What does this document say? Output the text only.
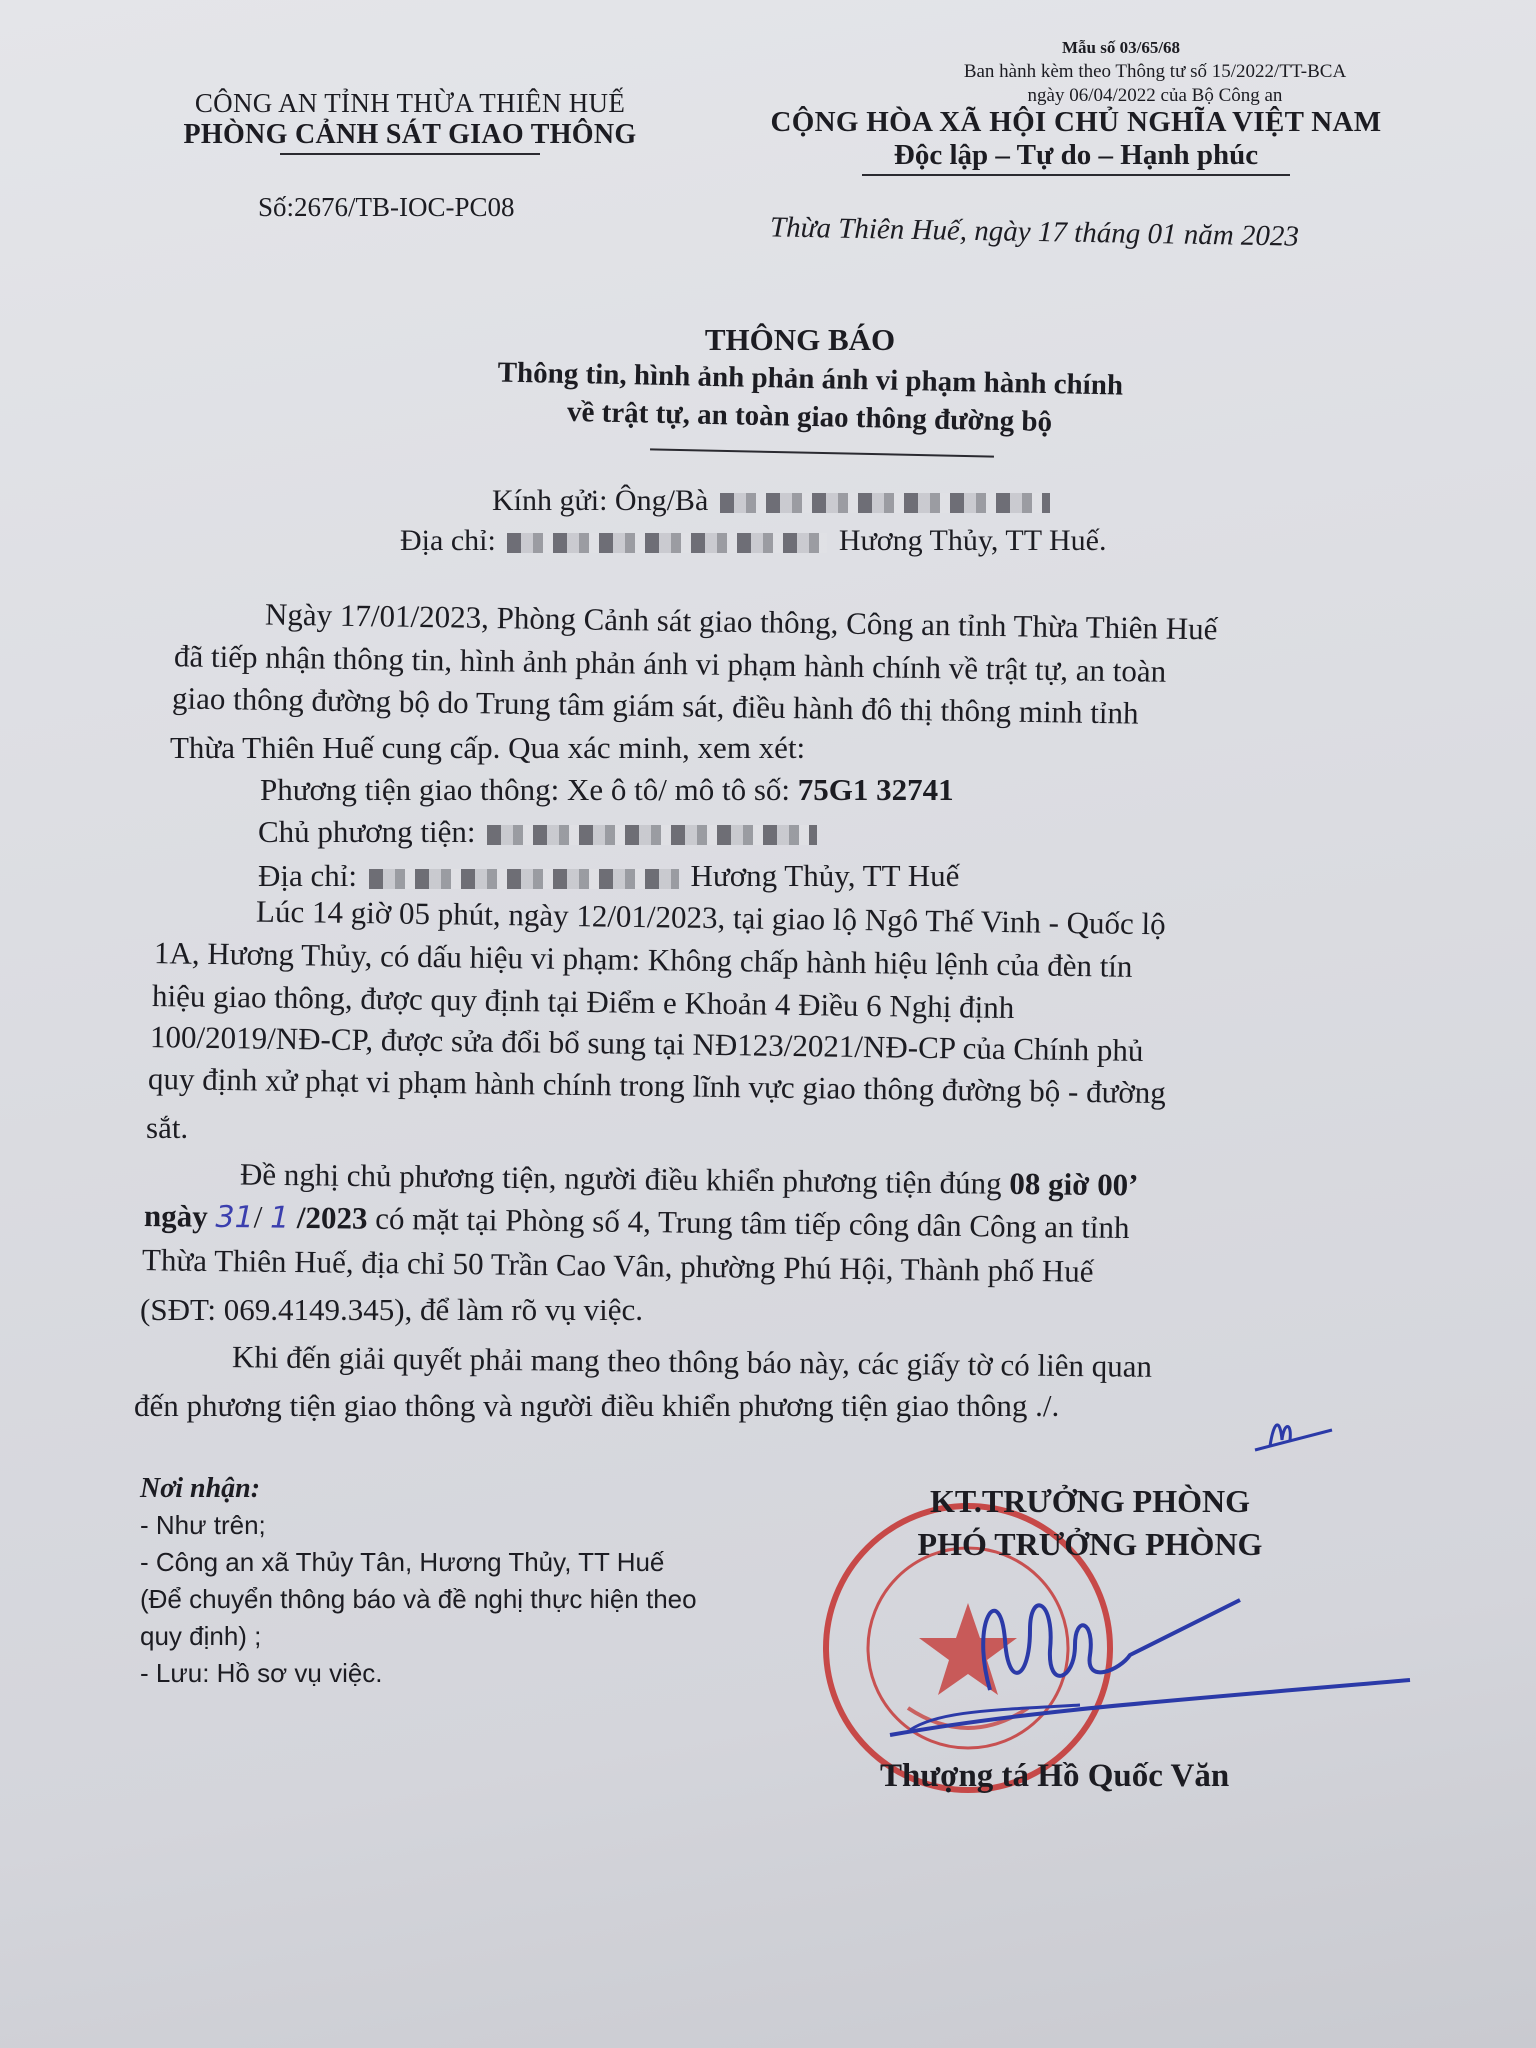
Mẫu số 03/65/68
Ban hành kèm theo Thông tư số 15/2022/TT-BCA
ngày 06/04/2022 của Bộ Công an
CÔNG AN TỈNH THỪA THIÊN HUẾ
PHÒNG CẢNH SÁT GIAO THÔNG
Số:2676/TB-IOC-PC08
CỘNG HÒA XÃ HỘI CHỦ NGHĨA VIỆT NAM
Độc lập – Tự do – Hạnh phúc
Thừa Thiên Huế, ngày 17 tháng 01 năm 2023
THÔNG BÁO
Thông tin, hình ảnh phản ánh vi phạm hành chính
về trật tự, an toàn giao thông đường bộ
Kính gửi: Ông/Bà
Địa chỉ:	Hương Thủy, TT Huế.
Ngày 17/01/2023, Phòng Cảnh sát giao thông, Công an tỉnh Thừa Thiên Huế
đã tiếp nhận thông tin, hình ảnh phản ánh vi phạm hành chính về trật tự, an toàn
giao thông đường bộ do Trung tâm giám sát, điều hành đô thị thông minh tỉnh
Thừa Thiên Huế cung cấp. Qua xác minh, xem xét:
Phương tiện giao thông: Xe ô tô/ mô tô số: 75G1 32741
Chủ phương tiện:
Địa chỉ:	Hương Thủy, TT Huế
Lúc 14 giờ 05 phút, ngày 12/01/2023, tại giao lộ Ngô Thế Vinh - Quốc lộ
1A, Hương Thủy, có dấu hiệu vi phạm: Không chấp hành hiệu lệnh của đèn tín
hiệu giao thông, được quy định tại Điểm e Khoản 4 Điều 6 Nghị định
100/2019/NĐ-CP, được sửa đổi bổ sung tại NĐ123/2021/NĐ-CP của Chính phủ
quy định xử phạt vi phạm hành chính trong lĩnh vực giao thông đường bộ - đường
sắt.
Đề nghị chủ phương tiện, người điều khiển phương tiện đúng 08 giờ 00’
ngày 31/ 1 /2023 có mặt tại Phòng số 4, Trung tâm tiếp công dân Công an tỉnh
Thừa Thiên Huế, địa chỉ 50 Trần Cao Vân, phường Phú Hội, Thành phố Huế
(SĐT: 069.4149.345), để làm rõ vụ việc.
Khi đến giải quyết phải mang theo thông báo này, các giấy tờ có liên quan
đến phương tiện giao thông và người điều khiển phương tiện giao thông ./.
Nơi nhận:
- Như trên;
- Công an xã Thủy Tân, Hương Thủy, TT Huế
(Để chuyển thông báo và đề nghị thực hiện theo
quy định) ;
- Lưu: Hồ sơ vụ việc.
KT.TRƯỞNG PHÒNG
PHÓ TRƯỞNG PHÒNG
Thượng tá Hồ Quốc Văn
